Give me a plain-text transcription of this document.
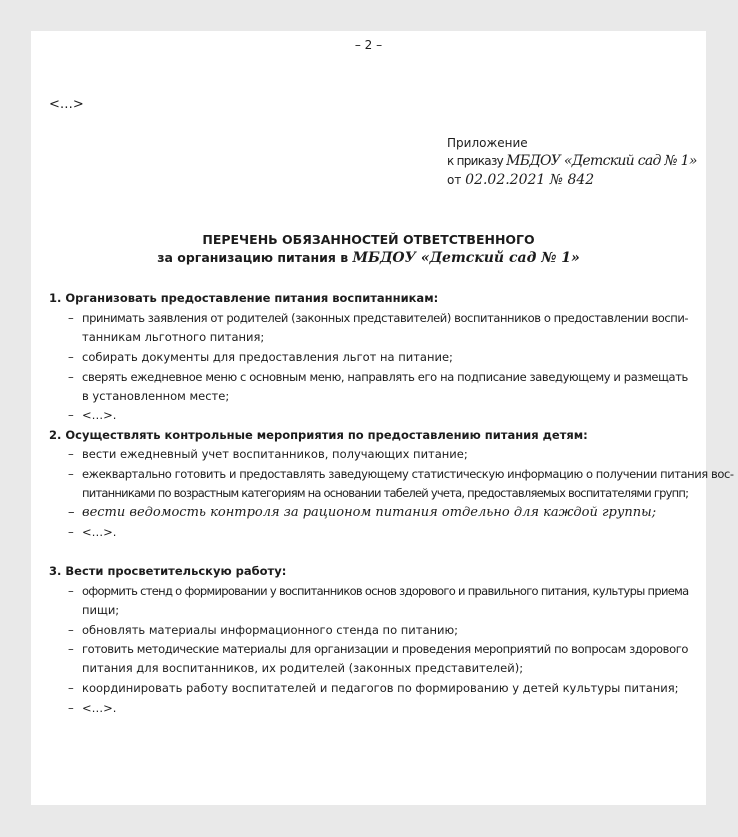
– 2 –
<…>
Приложение
к приказу МБДОУ «Детский сад № 1»
от 02.02.2021 № 842
ПЕРЕЧЕНЬ ОБЯЗАННОСТЕЙ ОТВЕТСТВЕННОГО
за организацию питания в МБДОУ «Детский сад № 1»
1. Организовать предоставление питания воспитанникам:
– принимать заявления от родителей (законных представителей) воспитанников о предоставлении воспи-
танникам льготного питания;
– собирать документы для предоставления льгот на питание;
– сверять ежедневное меню с основным меню, направлять его на подписание заведующему и размещать
в установленном месте;
– <…>.
2. Осуществлять контрольные мероприятия по предоставлению питания детям:
– вести ежедневный учет воспитанников, получающих питание;
– ежеквартально готовить и предоставлять заведующему статистическую информацию о получении питания вос-
питанниками по возрастным категориям на основании табелей учета, предоставляемых воспитателями групп;
– вести ведомость контроля за рационом питания отдельно для каждой группы;
– <…>.
3. Вести просветительскую работу:
– оформить стенд о формировании у воспитанников основ здорового и правильного питания, культуры приема
пищи;
– обновлять материалы информационного стенда по питанию;
– готовить методические материалы для организации и проведения мероприятий по вопросам здорового
питания для воспитанников, их родителей (законных представителей);
– координировать работу воспитателей и педагогов по формированию у детей культуры питания;
– <…>.
